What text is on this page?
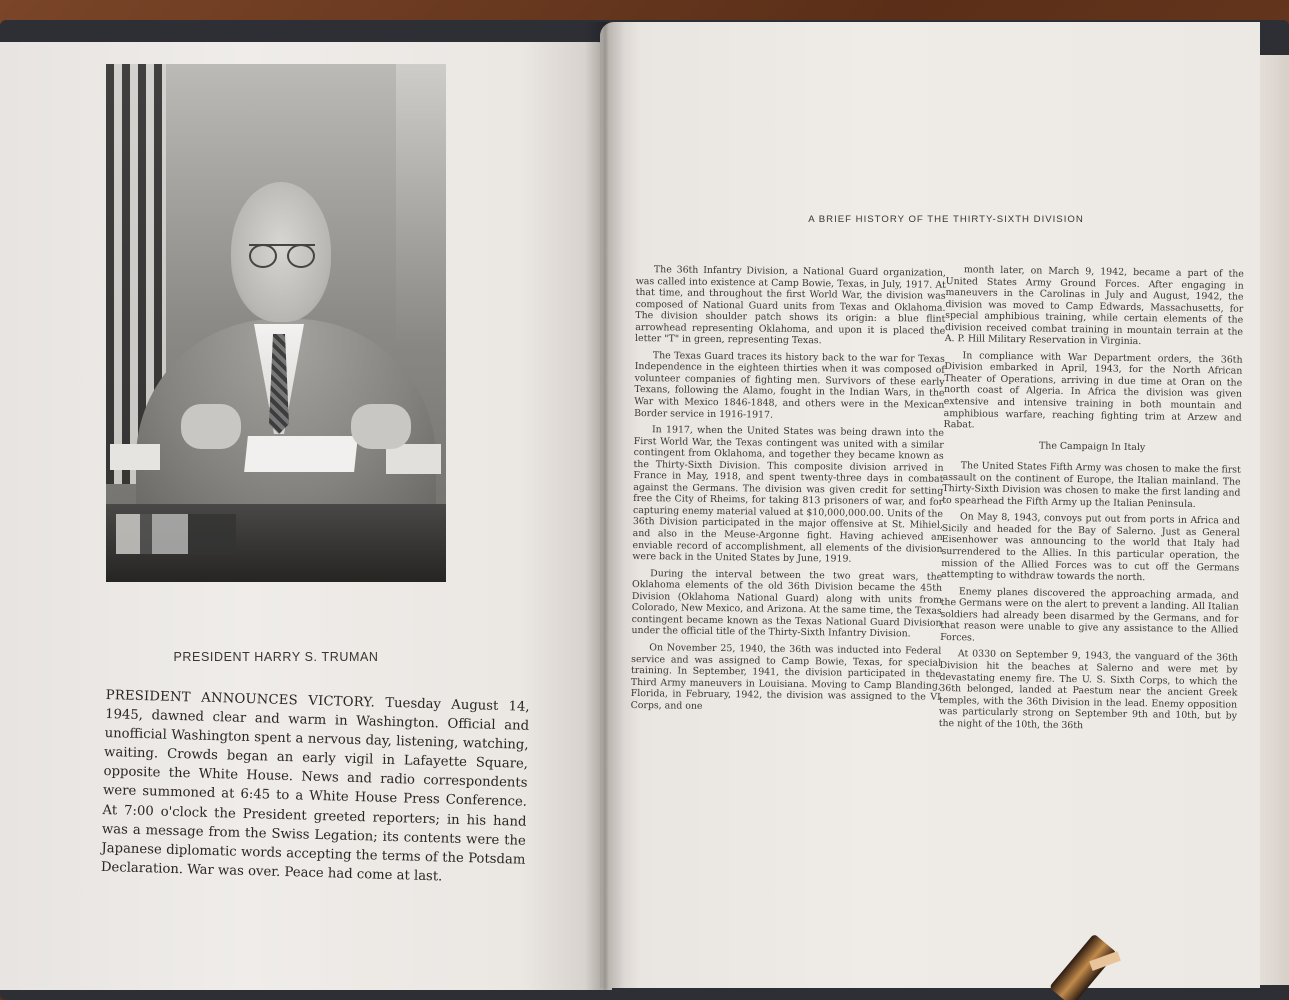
PRESIDENT HARRY S. TRUMAN
PRESIDENT ANNOUNCES VICTORY. Tuesday August 14, 1945, dawned clear and warm in Washington. Official and unofficial Washington spent a nervous day, listening, watching, waiting. Crowds began an early vigil in Lafayette Square, opposite the White House. News and radio correspondents were summoned at 6:45 to a White House Press Conference. At 7:00 o'clock the President greeted reporters; in his hand was a message from the Swiss Legation; its contents were the Japanese diplomatic words accepting the terms of the Potsdam Declaration. War was over. Peace had come at last.
A BRIEF HISTORY OF THE THIRTY-SIXTH DIVISION

The 36th Infantry Division, a National Guard organization, was called into existence at Camp Bowie, Texas, in July, 1917. At that time, and throughout the first World War, the division was composed of National Guard units from Texas and Oklahoma. The division shoulder patch shows its origin: a blue flint arrowhead representing Oklahoma, and upon it is placed the letter "T" in green, representing Texas.

The Texas Guard traces its history back to the war for Texas Independence in the eighteen thirties when it was composed of volunteer companies of fighting men. Survivors of these early Texans, following the Alamo, fought in the Indian Wars, in the War with Mexico 1846-1848, and others were in the Mexican Border service in 1916-1917.

In 1917, when the United States was being drawn into the First World War, the Texas contingent was united with a similar contingent from Oklahoma, and together they became known as the Thirty-Sixth Division. This composite division arrived in France in May, 1918, and spent twenty-three days in combat against the Germans. The division was given credit for setting free the City of Rheims, for taking 813 prisoners of war, and for capturing enemy material valued at $10,000,000.00. Units of the 36th Division participated in the major offensive at St. Mihiel, and also in the Meuse-Argonne fight. Having achieved an enviable record of accomplishment, all elements of the division were back in the United States by June, 1919.

During the interval between the two great wars, the Oklahoma elements of the old 36th Division became the 45th Division (Oklahoma National Guard) along with units from Colorado, New Mexico, and Arizona. At the same time, the Texas contingent became known as the Texas National Guard Division under the official title of the Thirty-Sixth Infantry Division.

On November 25, 1940, the 36th was inducted into Federal service and was assigned to Camp Bowie, Texas, for special training. In September, 1941, the division participated in the Third Army maneuvers in Louisiana. Moving to Camp Blanding, Florida, in February, 1942, the division was assigned to the VI Corps, and one

month later, on March 9, 1942, became a part of the United States Army Ground Forces. After engaging in maneuvers in the Carolinas in July and August, 1942, the division was moved to Camp Edwards, Massachusetts, for special amphibious training, while certain elements of the division received combat training in mountain terrain at the A. P. Hill Military Reservation in Virginia.

In compliance with War Department orders, the 36th Division embarked in April, 1943, for the North African Theater of Operations, arriving in due time at Oran on the north coast of Algeria. In Africa the division was given extensive and intensive training in both mountain and amphibious warfare, reaching fighting trim at Arzew and Rabat.

The Campaign In Italy

The United States Fifth Army was chosen to make the first assault on the continent of Europe, the Italian mainland. The Thirty-Sixth Division was chosen to make the first landing and to spearhead the Fifth Army up the Italian Peninsula.

On May 8, 1943, convoys put out from ports in Africa and Sicily and headed for the Bay of Salerno. Just as General Eisenhower was announcing to the world that Italy had surrendered to the Allies. In this particular operation, the mission of the Allied Forces was to cut off the Germans attempting to withdraw towards the north.

Enemy planes discovered the approaching armada, and the Germans were on the alert to prevent a landing. All Italian soldiers had already been disarmed by the Germans, and for that reason were unable to give any assistance to the Allied Forces.

At 0330 on September 9, 1943, the vanguard of the 36th Division hit the beaches at Salerno and were met by devastating enemy fire. The U. S. Sixth Corps, to which the 36th belonged, landed at Paestum near the ancient Greek temples, with the 36th Division in the lead. Enemy opposition was particularly strong on September 9th and 10th, but by the night of the 10th, the 36th
